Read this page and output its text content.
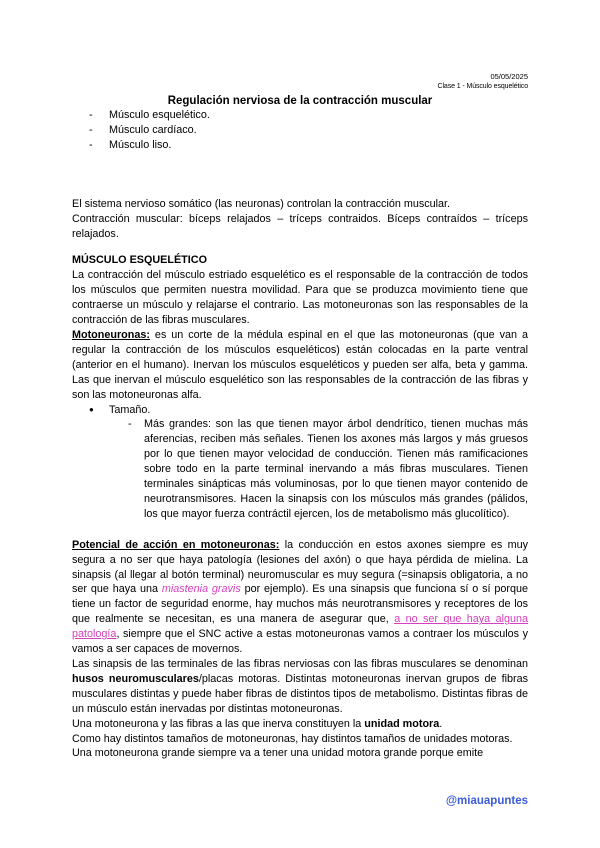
05/05/2025
Clase 1 - Músculo esquelético
Regulación nerviosa de la contracción muscular
- Músculo esquelético.
- Músculo cardíaco.
- Músculo liso.

El sistema nervioso somático (las neuronas) controlan la contracción muscular.

Contracción muscular: bíceps relajados – tríceps contraidos. Bíceps contraídos – tríceps relajados.

MÚSCULO ESQUELÉTICO

La contracción del músculo estriado esquelético es el responsable de la contracción de todos los músculos que permiten nuestra movilidad. Para que se produzca movimiento tiene que contraerse un músculo y relajarse el contrario. Las motoneuronas son las responsables de la contracción de las fibras musculares.

Motoneuronas: es un corte de la médula espinal en el que las motoneuronas (que van a regular la contracción de los músculos esqueléticos) están colocadas en la parte ventral (anterior en el humano). Inervan los músculos esqueléticos y pueden ser alfa, beta y gamma. Las que inervan el músculo esquelético son las responsables de la contracción de las fibras y son las motoneuronas alfa.

● Tamaño.
- Más grandes: son las que tienen mayor árbol dendrítico, tienen muchas más aferencias, reciben más señales. Tienen los axones más largos y más gruesos por lo que tienen mayor velocidad de conducción. Tienen más ramificaciones sobre todo en la parte terminal inervando a más fibras musculares. Tienen terminales sinápticas más voluminosas, por lo que tienen mayor contenido de neurotransmisores. Hacen la sinapsis con los músculos más grandes (pálidos, los que mayor fuerza contráctil ejercen, los de metabolismo más glucolítico).

Potencial de acción en motoneuronas: la conducción en estos axones siempre es muy segura a no ser que haya patología (lesiones del axón) o que haya pérdida de mielina. La sinapsis (al llegar al botón terminal) neuromuscular es muy segura (=sinapsis obligatoria, a no ser que haya una miastenia gravis por ejemplo). Es una sinapsis que funciona sí o sí porque tiene un factor de seguridad enorme, hay muchos más neurotransmisores y receptores de los que realmente se necesitan, es una manera de asegurar que, a no ser que haya alguna patología, siempre que el SNC active a estas motoneuronas vamos a contraer los músculos y vamos a ser capaces de movernos.

Las sinapsis de las terminales de las fibras nerviosas con las fibras musculares se denominan husos neuromusculares/placas motoras. Distintas motoneuronas inervan grupos de fibras musculares distintas y puede haber fibras de distintos tipos de metabolismo. Distintas fibras de un músculo están inervadas por distintas motoneuronas.

Una motoneurona y las fibras a las que inerva constituyen la unidad motora.

Como hay distintos tamaños de motoneuronas, hay distintos tamaños de unidades motoras.

Una motoneurona grande siempre va a tener una unidad motora grande porque emite

@miauapuntes
